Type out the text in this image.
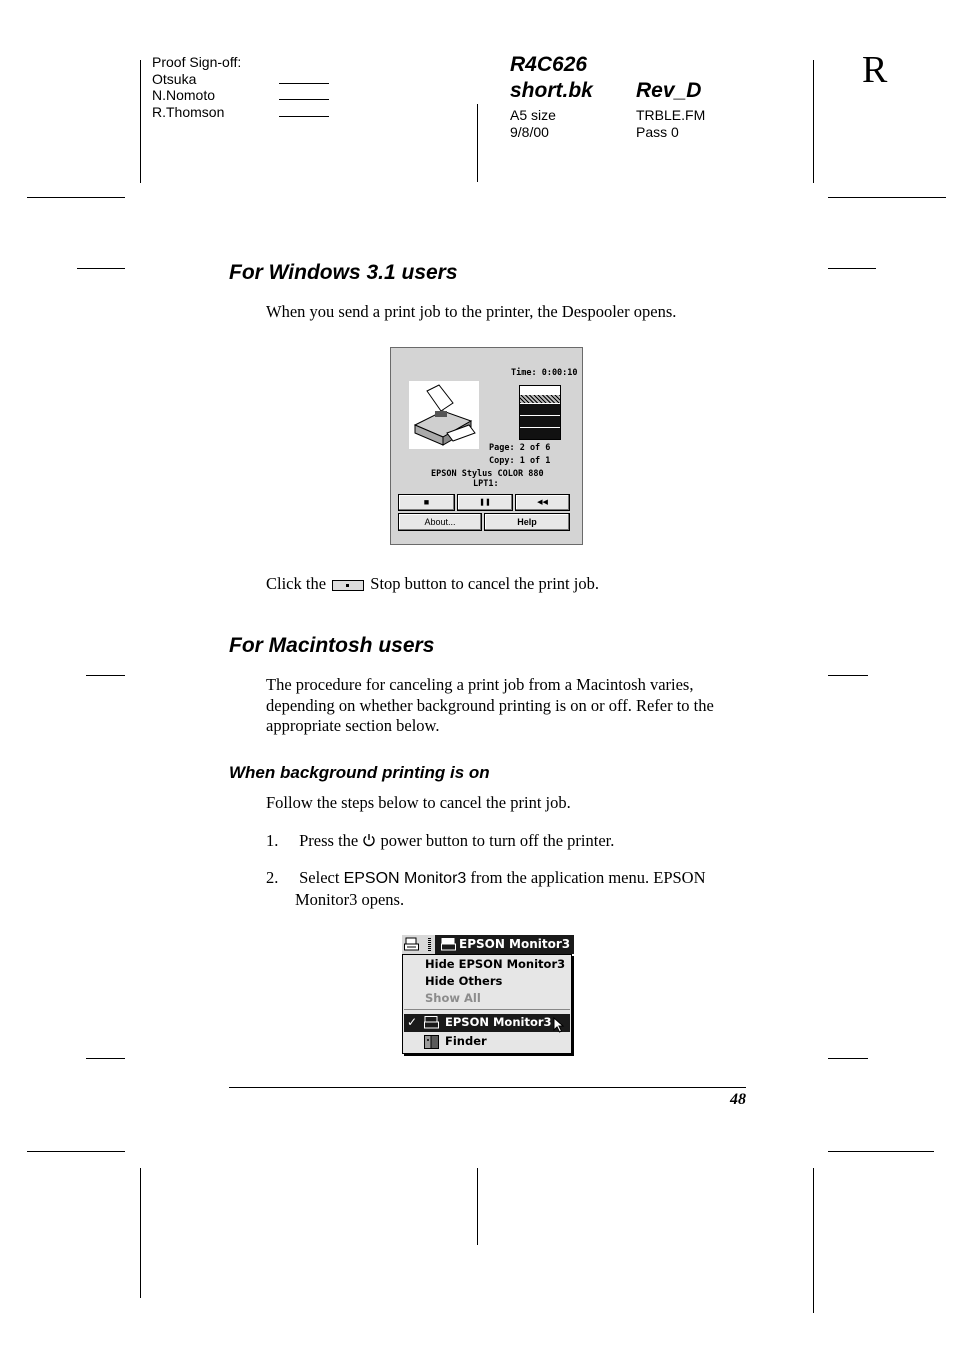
Proof Sign-off:
Otsuka
N.Nomoto
R.Thomson
R4C626
short.bk Rev_D
A5 size
9/8/00
TRBLE.FM
Pass 0
R
For Windows 3.1 users
When you send a print job to the printer, the Despooler opens.
Time: 0:00:10
Page: 2 of 6
Copy: 1 of 1
EPSON Stylus COLOR 880
LPT1:
■	❚❚	◀◀
About...	Help
Click the	Stop button to cancel the print job.
For Macintosh users
The procedure for canceling a print job from a Macintosh varies, depending on whether background printing is on or off. Refer to the appropriate section below.
When background printing is on
Follow the steps below to cancel the print job.
1. Press the power button to turn off the printer.
2. Select EPSON Monitor3 from the application menu. EPSON
Monitor3 opens.
EPSON Monitor3
Hide EPSON Monitor3
Hide Others
Show All
✓ EPSON Monitor3
Finder
48
